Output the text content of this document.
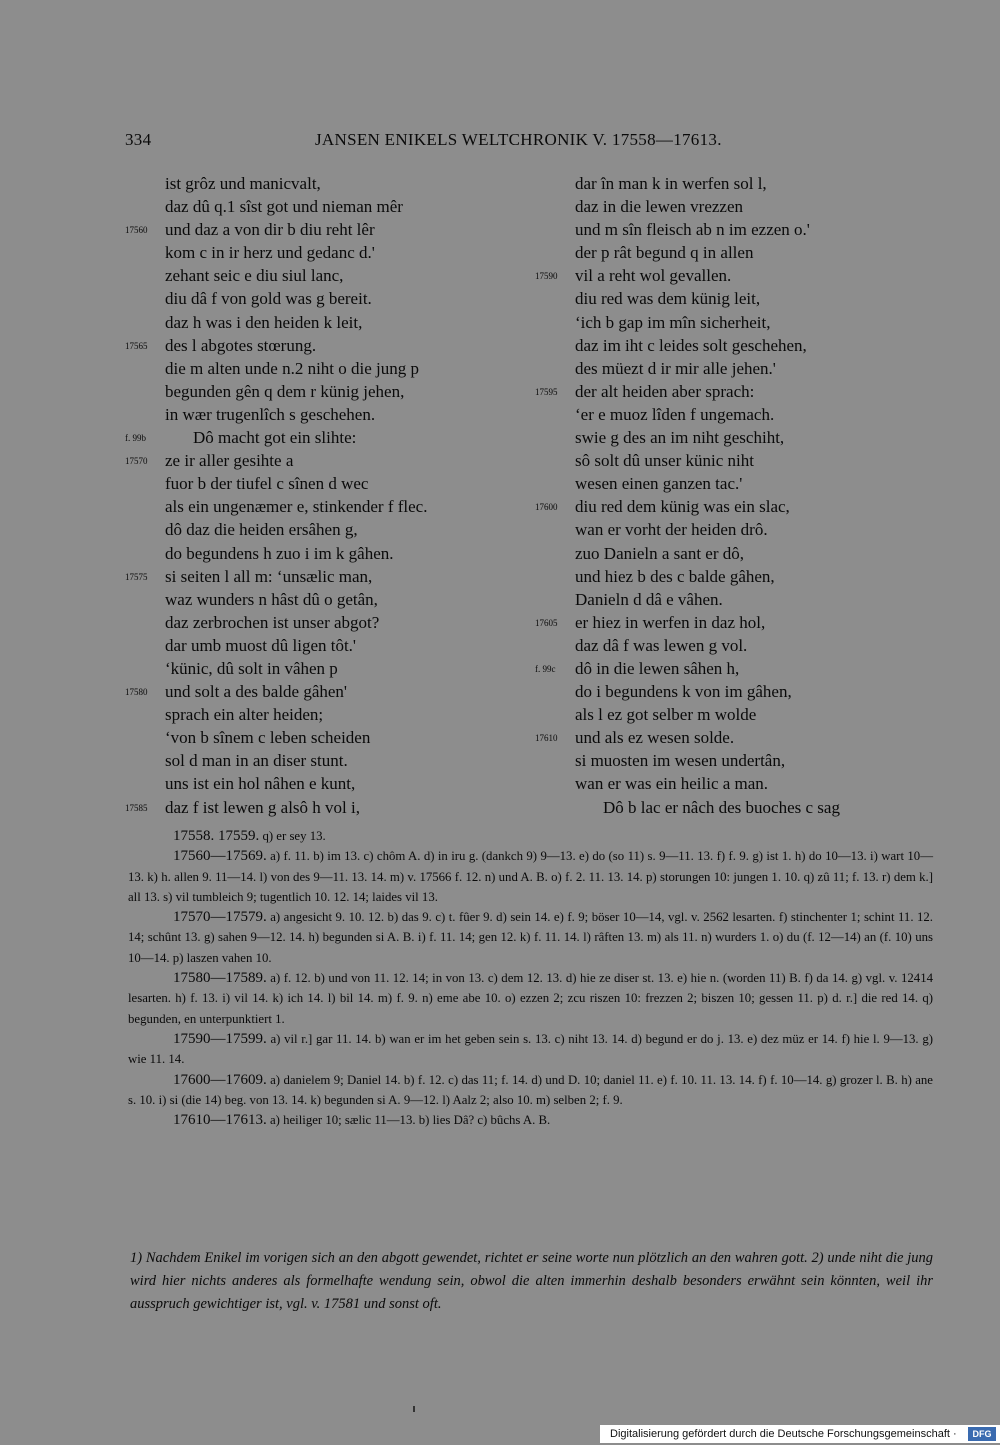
334	JANSEN ENIKELS WELTCHRONIK V. 17558—17613.
ist grôz und manicvalt,
daz dû q.1 sîst got und nieman mêr
17560 und daz a von dir b diu reht lêr
kom c in ir herz und gedanc d.'
zehant seic e diu siul lanc,
diu dâ f von gold was g bereit.
daz h was i den heiden k leit,
17565 des l abgotes stœrung.
die m alten unde n.2 niht o die jung p
begunden gên q dem r künig jehen,
in wær trugenlîch s geschehen.
f. 99b	Dô macht got ein slihte:
17570 ze ir aller gesihte a
fuor b der tiufel c sînen d wec
als ein ungenæmer e, stinkender f flec.
dô daz die heiden ersâhen g,
do begundens h zuo i im k gâhen.
17575 si seiten l all m: ‘unsælic man,
waz wunders n hâst dû o getân,
daz zerbrochen ist unser abgot?
dar umb muost dû ligen tôt.'
‘künic, dû solt in vâhen p
17580 und solt a des balde gâhen'
sprach ein alter heiden;
‘von b sînem c leben scheiden
sol d man in an diser stunt.
uns ist ein hol nâhen e kunt,
17585 daz f ist lewen g alsô h vol i,
dar în man k in werfen sol l,
daz in die lewen vrezzen
und m sîn fleisch ab n im ezzen o.'
der p rât begund q in allen
17590 vil a reht wol gevallen.
diu red was dem künig leit,
‘ich b gap im mîn sicherheit,
daz im iht c leides solt geschehen,
des müezt d ir mir alle jehen.'
17595 der alt heiden aber sprach:
‘er e muoz lîden f ungemach.
swie g des an im niht geschiht,
sô solt dû unser künic niht
wesen einen ganzen tac.'
17600 diu red dem künig was ein slac,
wan er vorht der heiden drô.
zuo Danieln a sant er dô,
und hiez b des c balde gâhen,
Danieln d dâ e vâhen.
17605 er hiez in werfen in daz hol,
daz dâ f was lewen g vol.
f. 99c dô in die lewen sâhen h,
do i begundens k von im gâhen,
als l ez got selber m wolde
17610 und als ez wesen solde.
si muosten im wesen undertân,
wan er was ein heilic a man.
Dô b lac er nâch des buoches c sag

17558. 17559. q) er sey 13.

17560—17569. a) f. 11. b) im 13. c) chôm A. d) in iru g. (dankch 9) 9—13. e) do (so 11) s. 9—11. 13. f) f. 9. g) ist 1. h) do 10—13. i) wart 10—13. k) h. allen 9. 11—14. l) von des 9—11. 13. 14. m) v. 17566 f. 12. n) und A. B. o) f. 2. 11. 13. 14. p) storungen 10: jungen 1. 10. q) zû 11; f. 13. r) dem k.] all 13. s) vil tumbleich 9; tugentlich 10. 12. 14; laides vil 13.

17570—17579. a) angesicht 9. 10. 12. b) das 9. c) t. fûer 9. d) sein 14. e) f. 9; böser 10—14, vgl. v. 2562 lesarten. f) stinchenter 1; schint 11. 12. 14; schûnt 13. g) sahen 9—12. 14. h) begunden si A. B. i) f. 11. 14; gen 12. k) f. 11. 14. l) râften 13. m) als 11. n) wurders 1. o) du (f. 12—14) an (f. 10) uns 10—14. p) laszen vahen 10.

17580—17589. a) f. 12. b) und von 11. 12. 14; in von 13. c) dem 12. 13. d) hie ze diser st. 13. e) hie n. (worden 11) B. f) da 14. g) vgl. v. 12414 lesarten. h) f. 13. i) vil 14. k) ich 14. l) bil 14. m) f. 9. n) eme abe 10. o) ezzen 2; zcu riszen 10: frezzen 2; biszen 10; gessen 11. p) d. r.] die red 14. q) begunden, en unterpunktiert 1.

17590—17599. a) vil r.] gar 11. 14. b) wan er im het geben sein s. 13. c) niht 13. 14. d) begund er do j. 13. e) dez müz er 14. f) hie l. 9—13. g) wie 11. 14.

17600—17609. a) danielem 9; Daniel 14. b) f. 12. c) das 11; f. 14. d) und D. 10; daniel 11. e) f. 10. 11. 13. 14. f) f. 10—14. g) grozer l. B. h) ane s. 10. i) si (die 14) beg. von 13. 14. k) begunden si A. 9—12. l) Aalz 2; also 10. m) selben 2; f. 9.

17610—17613. a) heiliger 10; sælic 11—13. b) lies Dâ? c) bûchs A. B.

1) Nachdem Enikel im vorigen sich an den abgott gewendet, richtet er seine worte nun plötzlich an den wahren gott. 2) unde niht die jung wird hier nichts anderes als formelhafte wendung sein, obwol die alten immerhin deshalb besonders erwähnt sein könnten, weil ihr ausspruch gewichtiger ist, vgl. v. 17581 und sonst oft.
Digitalisierung gefördert durch die Deutsche Forschungsgemeinschaft ·	DFG
